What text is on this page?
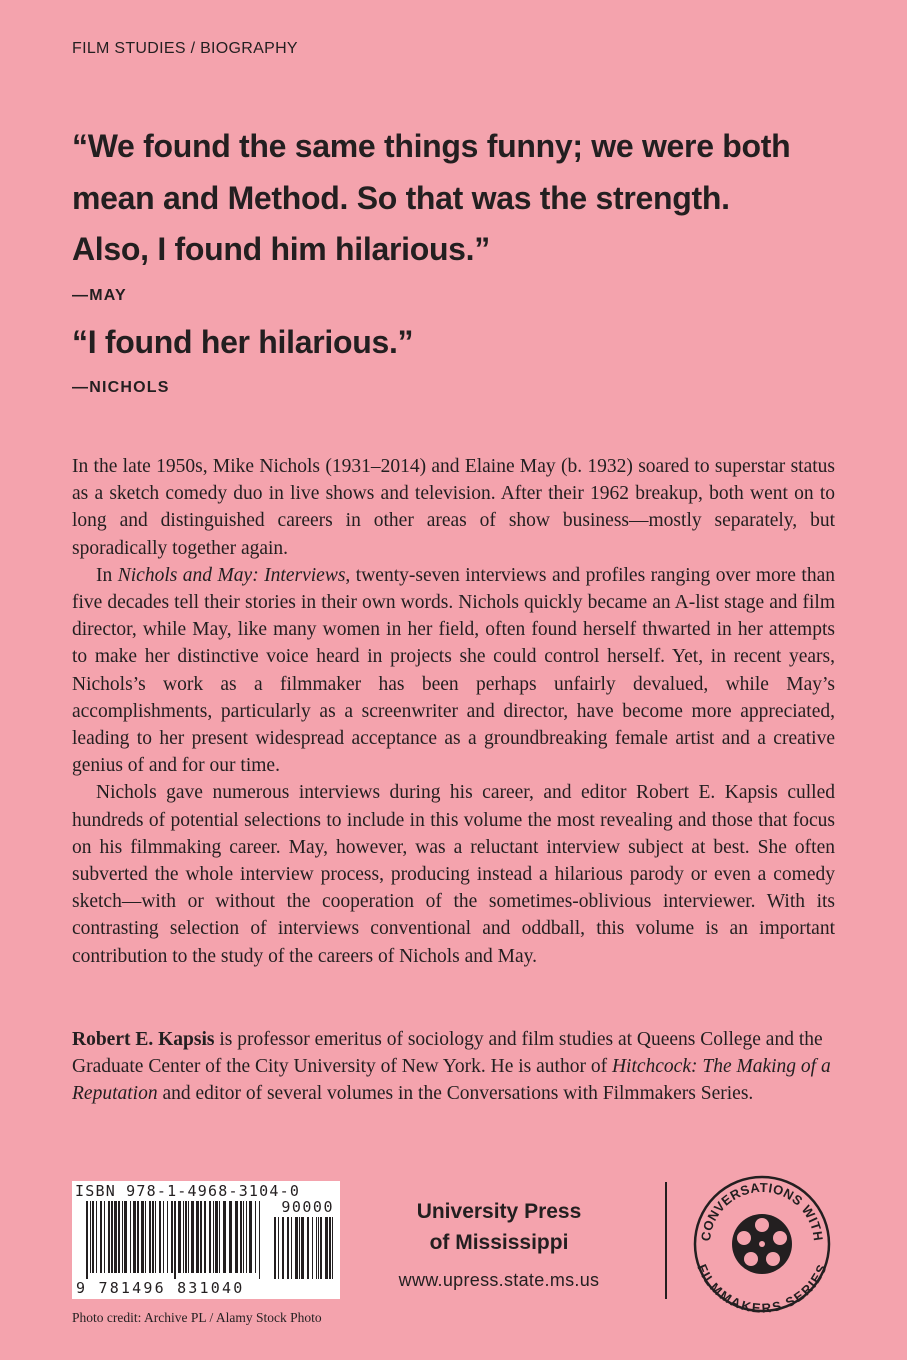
FILM STUDIES / BIOGRAPHY
“We found the same things funny; we were both
mean and Method. So that was the strength.
Also, I found him hilarious.”
—MAY
“I found her hilarious.”
—NICHOLS

In the late 1950s, Mike Nichols (1931–2014) and Elaine May (b. 1932) soared to superstar status as a sketch comedy duo in live shows and television. After their 1962 breakup, both went on to long and distinguished careers in other areas of show business—mostly separately, but sporadically together again.

In Nichols and May: Interviews, twenty-seven interviews and profiles ranging over more than five decades tell their stories in their own words. Nichols quickly became an A-list stage and film director, while May, like many women in her field, often found herself thwarted in her attempts to make her distinctive voice heard in projects she could control herself. Yet, in recent years, Nichols’s work as a filmmaker has been perhaps unfairly devalued, while May’s accomplishments, particularly as a screenwriter and director, have become more appreciated, leading to her present widespread acceptance as a groundbreaking female artist and a creative genius of and for our time.

Nichols gave numerous interviews during his career, and editor Robert E. Kapsis culled hundreds of potential selections to include in this volume the most revealing and those that focus on his filmmaking career. May, however, was a reluctant interview subject at best. She often subverted the whole interview process, producing instead a hilarious parody or even a comedy sketch—with or without the cooperation of the sometimes-oblivious interviewer. With its contrasting selection of interviews conventional and oddball, this volume is an important contribution to the study of the careers of Nichols and May.

Robert E. Kapsis is professor emeritus of sociology and film studies at Queens College and the Graduate Center of the City University of New York. He is author of Hitchcock: The Making of a Reputation and editor of several volumes in the Conversations with Filmmakers Series.

ISBN 978-1-4968-3104-0
90000
9 781496 831040
Photo credit: Archive PL / Alamy Stock Photo
University Press
of Mississippi
www.upress.state.ms.us
CONVERSATIONS WITH
FILMMAKERS SERIES
